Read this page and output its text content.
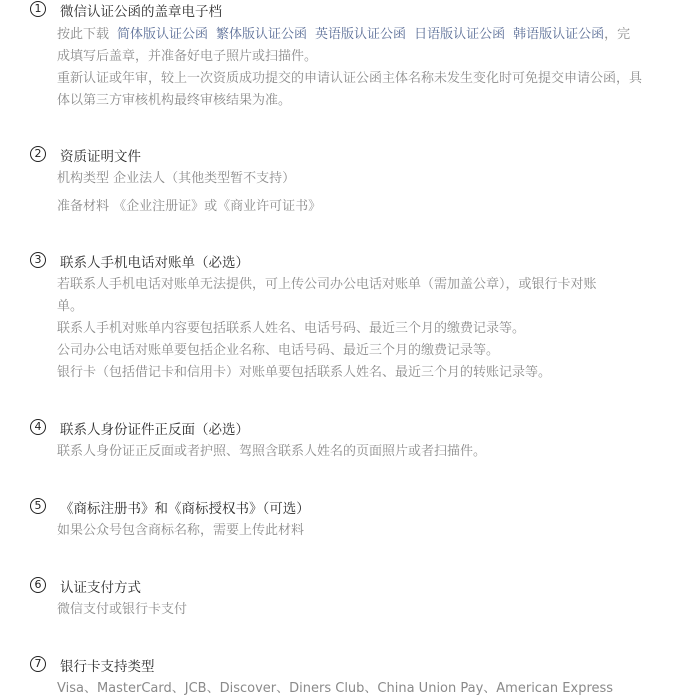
1	微信认证公函的盖章电子档
按此下载 简体版认证公函 繁体版认证公函 英语版认证公函 日语版认证公函 韩语版认证公函，完
成填写后盖章，并准备好电子照片或扫描件。
重新认证或年审，较上一次资质成功提交的申请认证公函主体名称未发生变化时可免提交申请公函，具
体以第三方审核机构最终审核结果为准。
2	资质证明文件
机构类型 企业法人（其他类型暂不支持）
准备材料 《企业注册证》或《商业许可证书》
3	联系人手机电话对账单（必选）
若联系人手机电话对账单无法提供，可上传公司办公电话对账单（需加盖公章），或银行卡对账
单。
联系人手机对账单内容要包括联系人姓名、电话号码、最近三个月的缴费记录等。
公司办公电话对账单要包括企业名称、电话号码、最近三个月的缴费记录等。
银行卡（包括借记卡和信用卡）对账单要包括联系人姓名、最近三个月的转账记录等。
4	联系人身份证件正反面（必选）
联系人身份证正反面或者护照、驾照含联系人姓名的页面照片或者扫描件。
5	《商标注册书》和《商标授权书》（可选）
如果公众号包含商标名称，需要上传此材料
6	认证支付方式
微信支付或银行卡支付
7	银行卡支持类型
Visa、MasterCard、JCB、Discover、Diners Club、China Union Pay、American Express
